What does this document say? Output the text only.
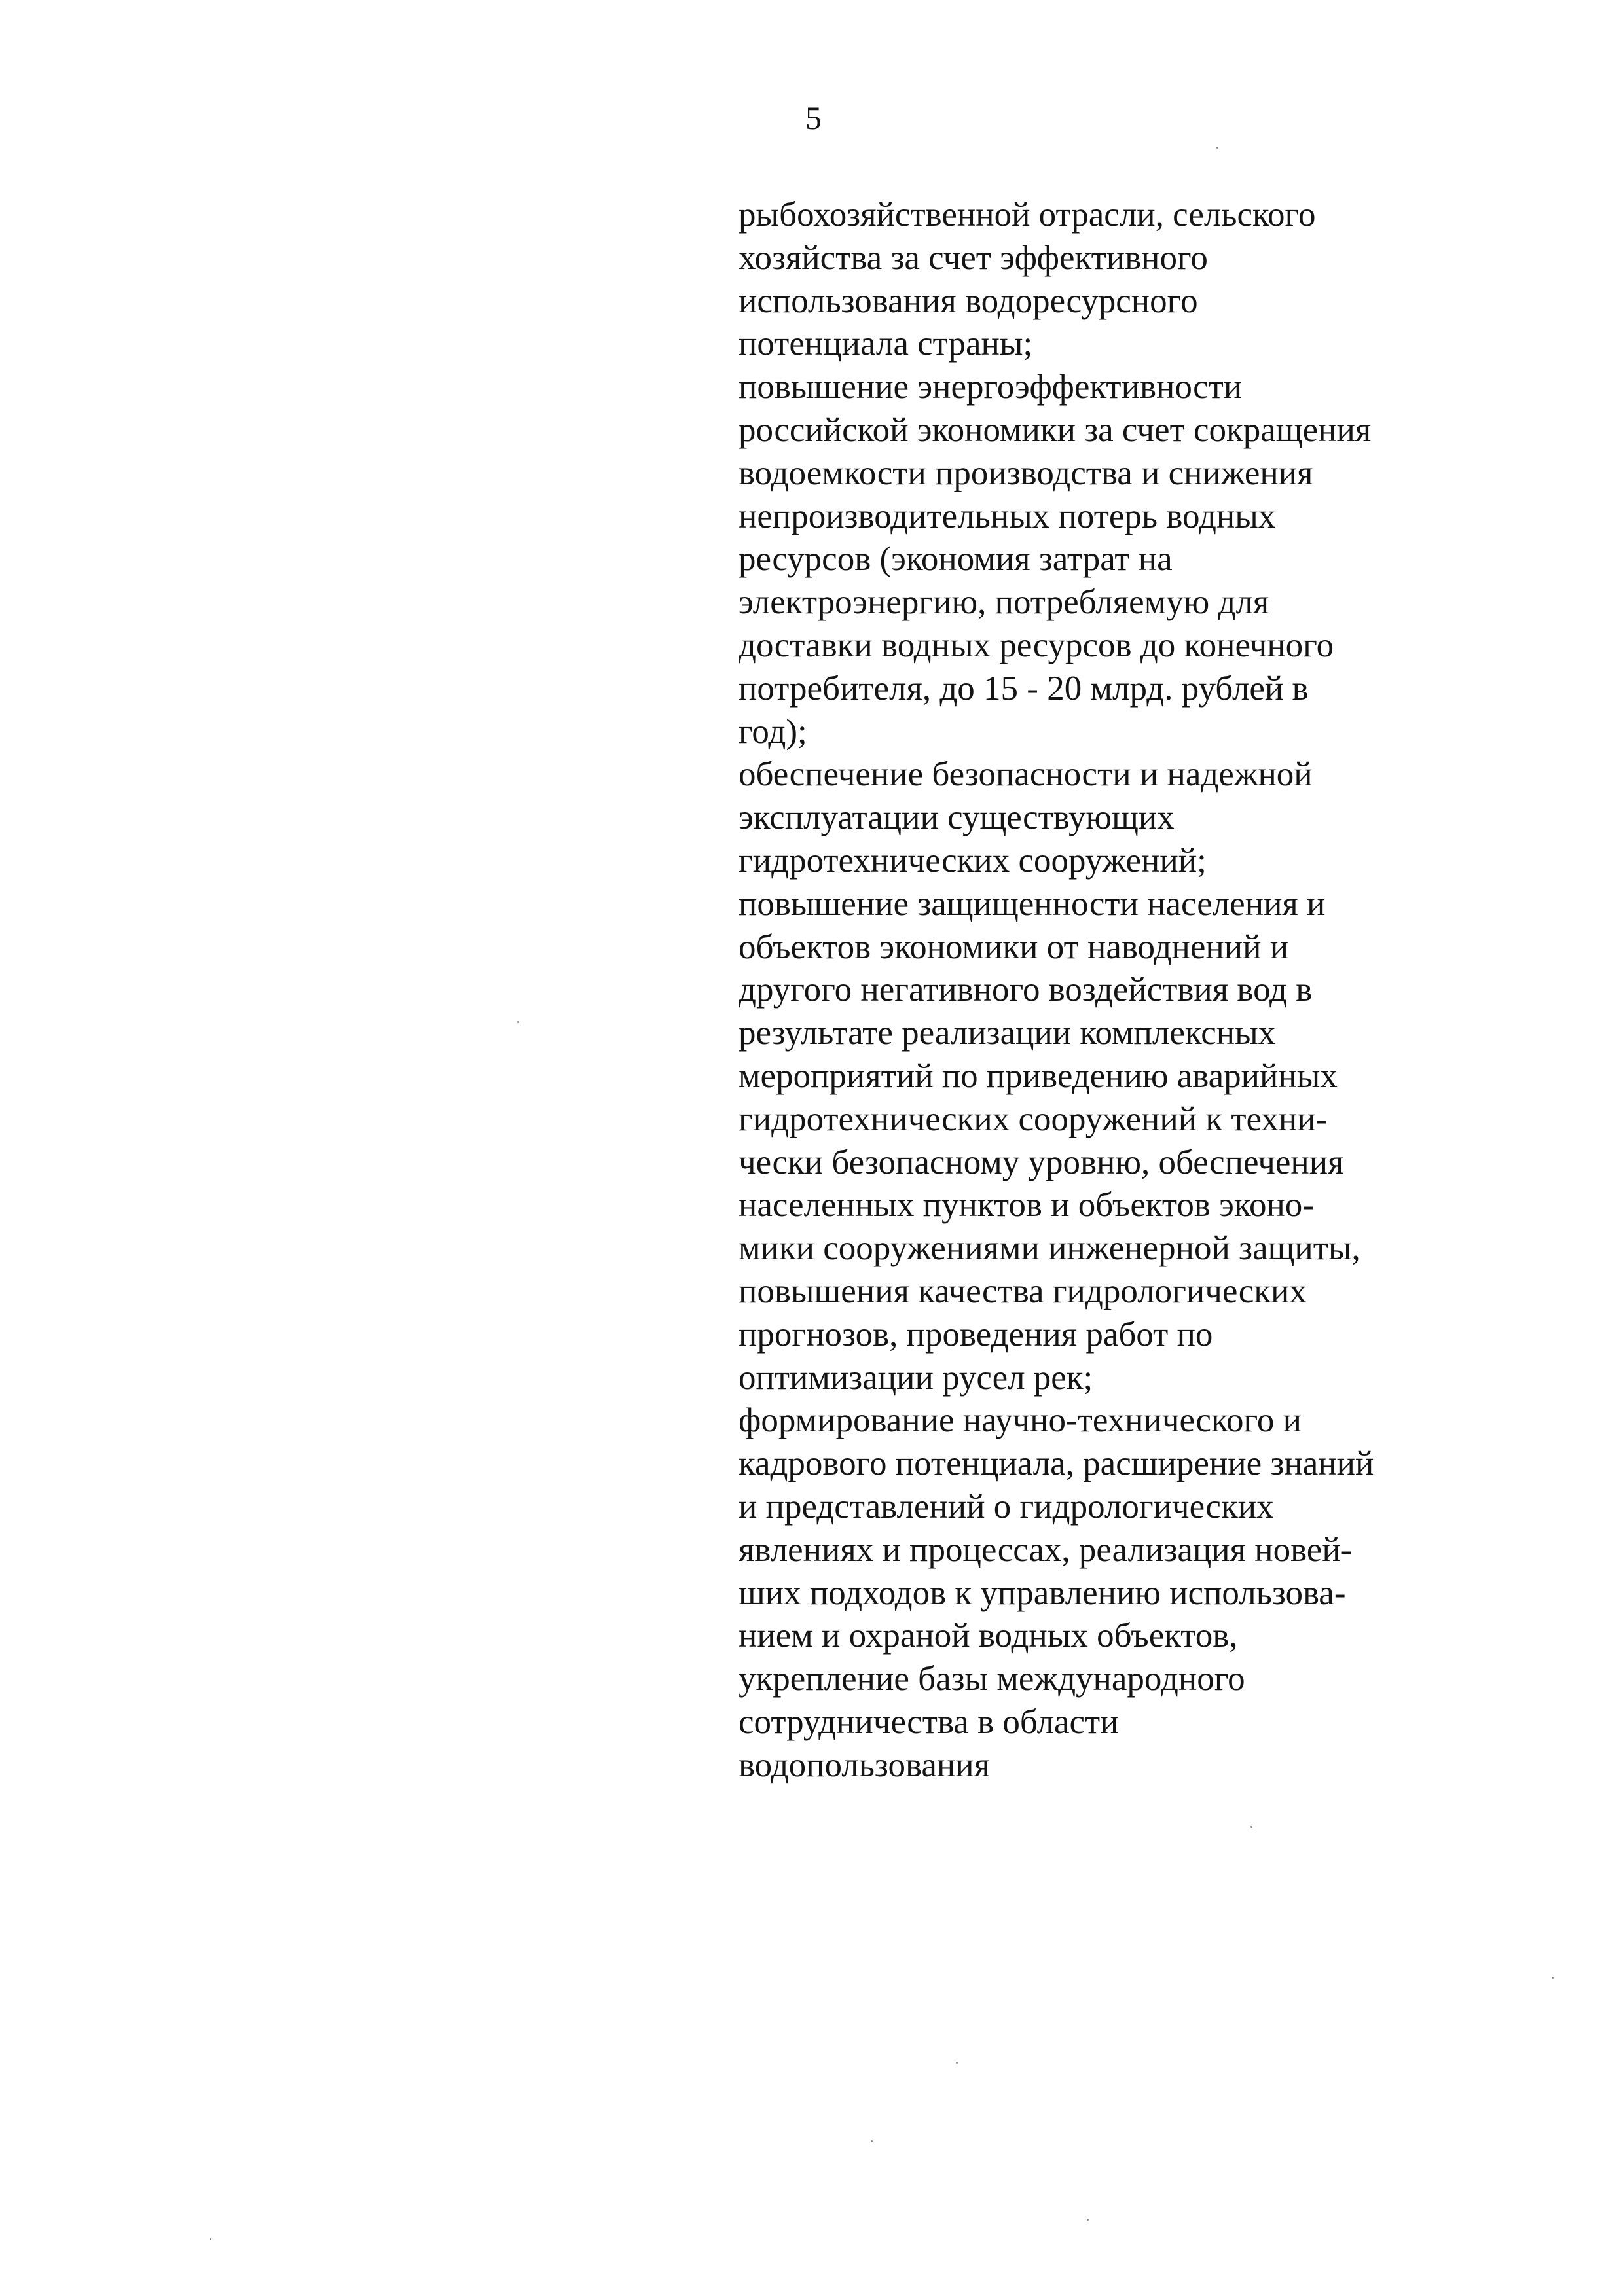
5
рыбохозяйственной отрасли, сельского
хозяйства за счет эффективного
использования водоресурсного
потенциала страны;
повышение энергоэффективности
российской экономики за счет сокращения
водоемкости производства и снижения
непроизводительных потерь водных
ресурсов (экономия затрат на
электроэнергию, потребляемую для
доставки водных ресурсов до конечного
потребителя, до 15 - 20 млрд. рублей в
год);
обеспечение безопасности и надежной
эксплуатации существующих
гидротехнических сооружений;
повышение защищенности населения и
объектов экономики от наводнений и
другого негативного воздействия вод в
результате реализации комплексных
мероприятий по приведению аварийных
гидротехнических сооружений к техни-
чески безопасному уровню, обеспечения
населенных пунктов и объектов эконо-
мики сооружениями инженерной защиты,
повышения качества гидрологических
прогнозов, проведения работ по
оптимизации русел рек;
формирование научно-технического и
кадрового потенциала, расширение знаний
и представлений о гидрологических
явлениях и процессах, реализация новей-
ших подходов к управлению использова-
нием и охраной водных объектов,
укрепление базы международного
сотрудничества в области
водопользования
